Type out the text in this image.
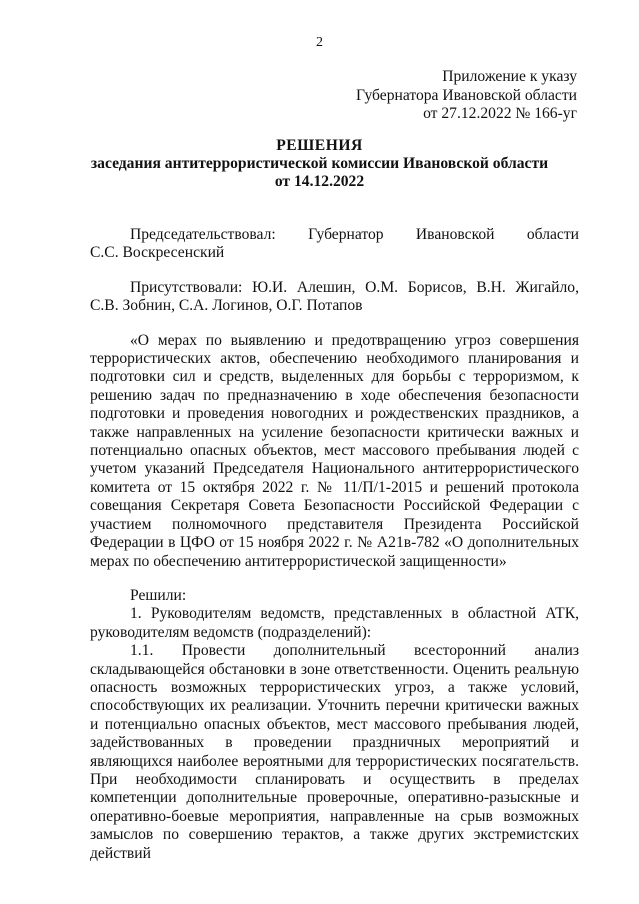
2
Приложение к указу
Губернатора Ивановской области
от 27.12.2022 № 166-уг
РЕШЕНИЯ
заседания антитеррористической комиссии Ивановской области
от 14.12.2022
Председательствовал: Губернатор Ивановской области

С.С. Воскресенский

Присутствовали: Ю.И. Алешин, О.М. Борисов, В.Н. Жигайло,

С.В. Зобнин, С.А. Логинов, О.Г. Потапов

«О мерах по выявлению и предотвращению угроз совершения террористических актов, обеспечению необходимого планирования и подготовки сил и средств, выделенных для борьбы с терроризмом, к решению задач по предназначению в ходе обеспечения безопасности подготовки и проведения новогодних и рождественских праздников, а также направленных на усиление безопасности критически важных и потенциально опасных объектов, мест массового пребывания людей с учетом указаний Председателя Национального антитеррористического комитета от 15 октября 2022 г. № 11/П/1-2015 и решений протокола совещания Секретаря Совета Безопасности Российской Федерации с участием полномочного представителя Президента Российской Федерации в ЦФО от 15 ноября 2022 г. № А21в-782 «О дополнительных мерах по обеспечению антитеррористической защищенности»

Решили:

1. Руководителям ведомств, представленных в областной АТК, руководителям ведомств (подразделений):

1.1. Провести дополнительный всесторонний анализ складывающейся обстановки в зоне ответственности. Оценить реальную опасность возможных террористических угроз, а также условий, способствующих их реализации. Уточнить перечни критически важных и потенциально опасных объектов, мест массового пребывания людей, задействованных в проведении праздничных мероприятий и являющихся наиболее вероятными для террористических посягательств. При необходимости спланировать и осуществить в пределах компетенции дополнительные проверочные, оперативно-разыскные и оперативно-боевые мероприятия, направленные на срыв возможных замыслов по совершению терактов, а также других экстремистских действий
